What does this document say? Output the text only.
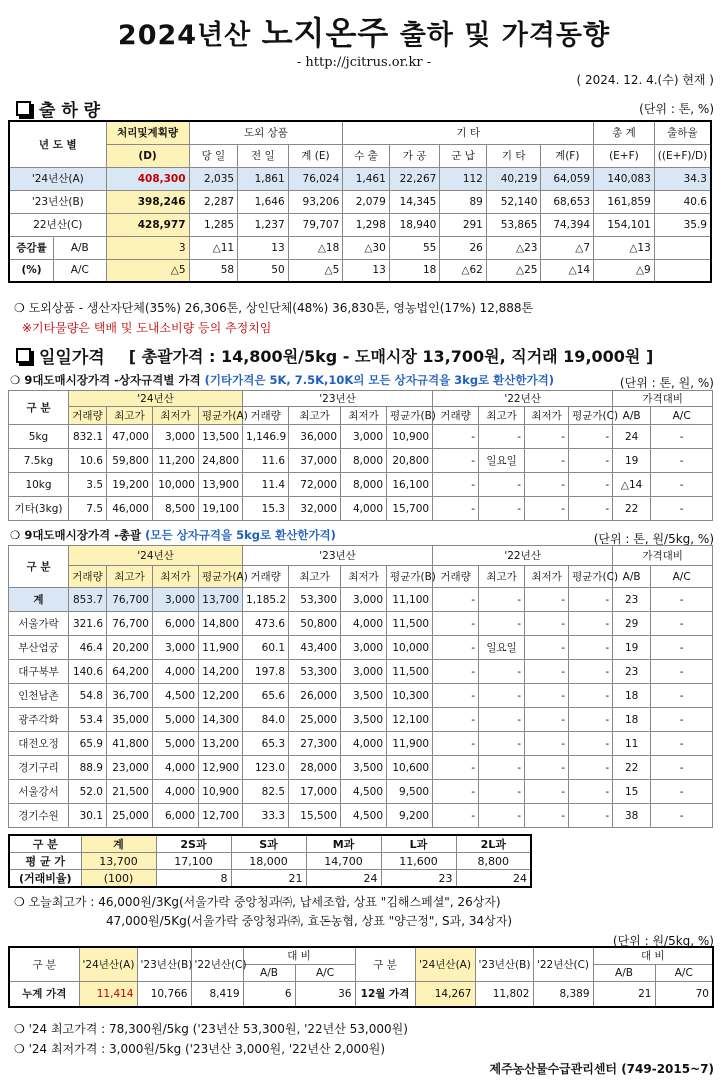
2024년산 노지온주 출하 및 가격동향
- http://jcitrus.or.kr -
( 2024. 12. 4.(수) 현재 )
출 하 량	(단위 : 톤, %)
년 도 별		처리및계획량	도외 상품			기 타					총 계	출하율
		(D)	당 일	전 일	계 (E)	수 출	가 공	군 납	기 타	계(F)	(E+F)	((E+F)/D)
'24년산(A)		408,300	2,035	1,861	76,024	1,461	22,267	112	40,219	64,059	140,083	34.3
'23년산(B)		398,246	2,287	1,646	93,206	2,079	14,345	89	52,140	68,653	161,859	40.6
22년산(C)		428,977	1,285	1,237	79,707	1,298	18,940	291	53,865	74,394	154,101	35.9
증감률	A/B	3	△11	13	△18	△30	55	26	△23	△7	△13	
(%)	A/C	△5	58	50	△5	13	18	△62	△25	△14	△9	
❍ 도외상품 - 생산자단체(35%) 26,306톤, 상인단체(48%) 36,830톤, 영농법인(17%) 12,888톤
※기타물량은 택배 및 도내소비량 등의 추정치임
일일가격 [ 총괄가격 : 14,800원/5kg - 도매시장 13,700원, 직거래 19,000원 ]
❍ 9대도매시장가격 -상자규격별 가격 (기타가격은 5K, 7.5K,10K의 모든 상자규격을 3kg로 환산한가격)	(단위 : 톤, 원, %)
구 분	'24년산				'23년산				'22년산				가격대비	
	거래량	최고가	최저가	평균가(A)	거래량	최고가	최저가	평균가(B)	거래량	최고가	최저가	평균가(C)	A/B	A/C
5kg	832.1	47,000	3,000	13,500	1,146.9	36,000	3,000	10,900	-	-	-	-	24	-
7.5kg	10.6	59,800	11,200	24,800	11.6	37,000	8,000	20,800	-	일요일	-	-	19	-
10kg	3.5	19,200	10,000	13,900	11.4	72,000	8,000	16,100	-	-	-	-	△14	-
기타(3kg)	7.5	46,000	8,500	19,100	15.3	32,000	4,000	15,700	-	-	-	-	22	-
❍ 9대도매시장가격 -총괄 (모든 상자규격을 5kg로 환산한가격)	(단위 : 톤, 원/5kg, %)
구 분	'24년산				'23년산				'22년산				가격대비	
	거래량	최고가	최저가	평균가(A)	거래량	최고가	최저가	평균가(B)	거래량	최고가	최저가	평균가(C)	A/B	A/C
계	853.7	76,700	3,000	13,700	1,185.2	53,300	3,000	11,100	-	-	-	-	23	-
서울가락	321.6	76,700	6,000	14,800	473.6	50,800	4,000	11,500	-	-	-	-	29	-
부산엄궁	46.4	20,200	3,000	11,900	60.1	43,400	3,000	10,000	-	일요일	-	-	19	-
대구북부	140.6	64,200	4,000	14,200	197.8	53,300	3,000	11,500	-	-	-	-	23	-
인천남촌	54.8	36,700	4,500	12,200	65.6	26,000	3,500	10,300	-	-	-	-	18	-
광주각화	53.4	35,000	5,000	14,300	84.0	25,000	3,500	12,100	-	-	-	-	18	-
대전오정	65.9	41,800	5,000	13,200	65.3	27,300	4,000	11,900	-	-	-	-	11	-
경기구리	88.9	23,000	4,000	12,900	123.0	28,000	3,500	10,600	-	-	-	-	22	-
서울강서	52.0	21,500	4,000	10,900	82.5	17,000	4,500	9,500	-	-	-	-	15	-
경기수원	30.1	25,000	6,000	12,700	33.3	15,500	4,500	9,200	-	-	-	-	38	-
구 분	계	2S과	S과	M과	L과	2L과
평 균 가	13,700	17,100	18,000	14,700	11,600	8,800
(거래비율)	(100)	8	21	24	23	24
❍ 오늘최고가 : 46,000원/3Kg(서울가락 중앙청과㈜, 납세조합, 상표 "김해스페셜", 26상자)
47,000원/5Kg(서울가락 중앙청과㈜, 효돈농협, 상표 "양근정", S과, 34상자)
(단위 : 원/5kg, %)
구 분	'24년산(A)	'23년산(B)	'22년산(C)	대 비		구 분	'24년산(A)	'23년산(B)	'22년산(C)	대 비	
				A/B	A/C					A/B	A/C
누계 가격	11,414	10,766	8,419	6	36	12월 가격	14,267	11,802	8,389	21	70
❍ '24 최고가격 : 78,300원/5kg ('23년산 53,300원, '22년산 53,000원)
❍ '24 최저가격 : 3,000원/5kg ('23년산 3,000원, '22년산 2,000원)
제주농산물수급관리센터 (749-2015~7)
